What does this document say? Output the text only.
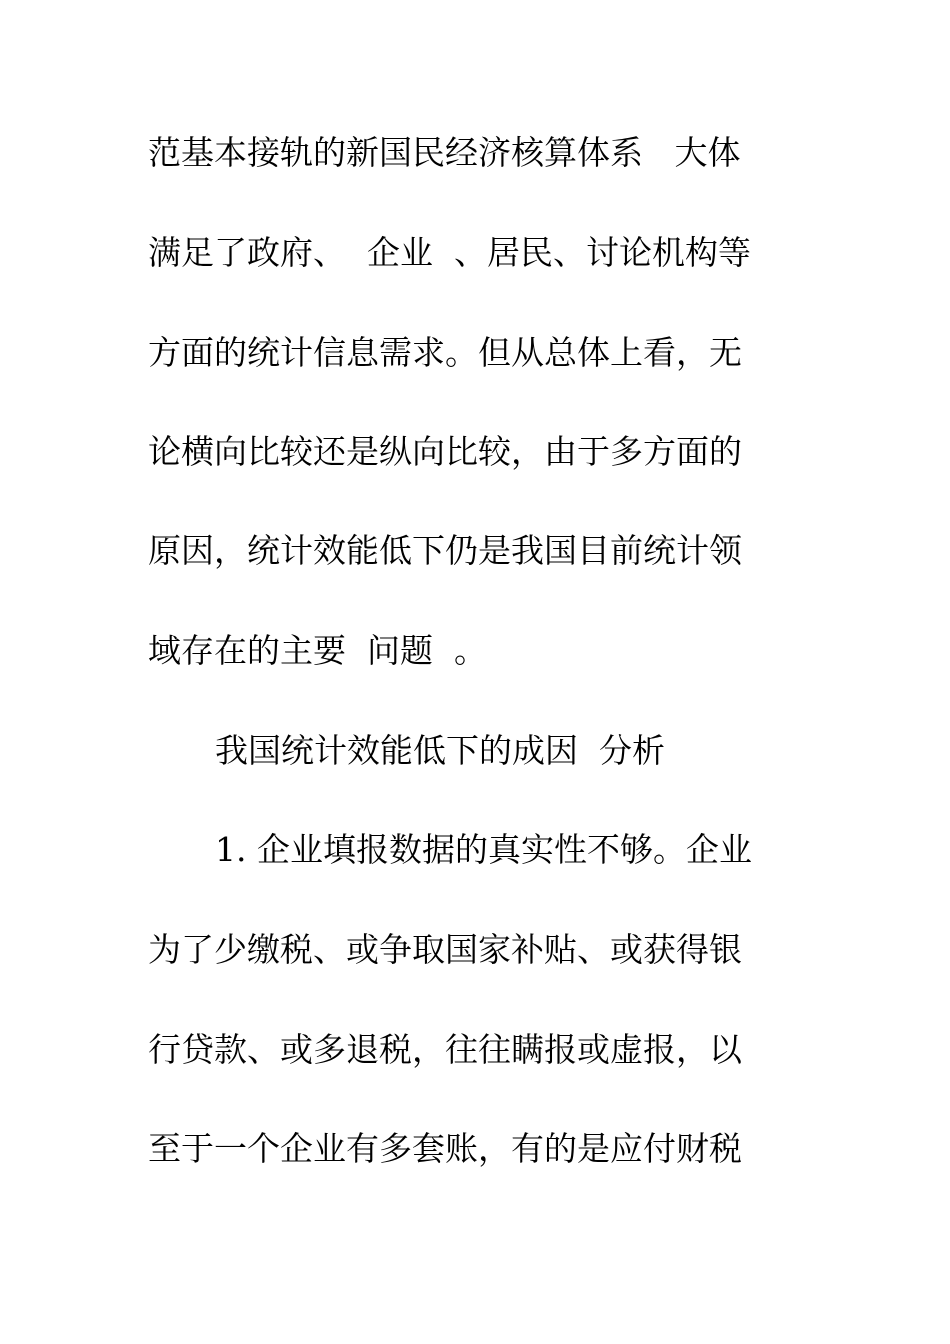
范基本接轨的新国民经济核算体系   大体
满足了政府、  企业  、居民、讨论机构等
方面的统计信息需求。但从总体上看，无
论横向比较还是纵向比较，由于多方面的
原因，统计效能低下仍是我国目前统计领
域存在的主要  问题  。
我国统计效能低下的成因  分析
1. 企业填报数据的真实性不够。企业
为了少缴税、或争取国家补贴、或获得银
行贷款、或多退税，往往瞒报或虚报，以
至于一个企业有多套账，有的是应付财税
